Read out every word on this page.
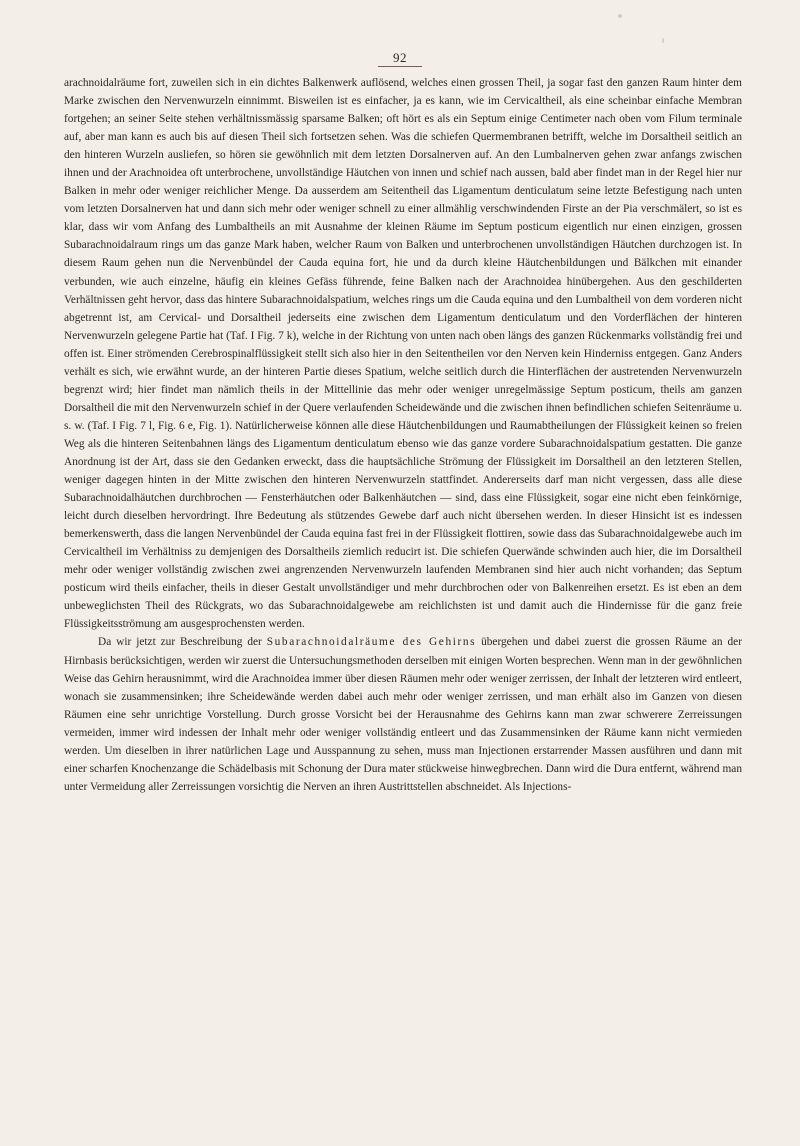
92

arachnoidalräume fort, zuweilen sich in ein dichtes Balkenwerk auflösend, welches einen grossen Theil, ja sogar fast den ganzen Raum hinter dem Marke zwischen den Nervenwurzeln einnimmt. Bisweilen ist es einfacher, ja es kann, wie im Cervicaltheil, als eine scheinbar einfache Membran fortgehen; an seiner Seite stehen verhältnissmässig sparsame Balken; oft hört es als ein Septum einige Centimeter nach oben vom Filum terminale auf, aber man kann es auch bis auf diesen Theil sich fortsetzen sehen. Was die schiefen Quermembranen betrifft, welche im Dorsaltheil seitlich an den hinteren Wurzeln ausliefen, so hören sie gewöhnlich mit dem letzten Dorsalnerven auf. An den Lumbalnerven gehen zwar anfangs zwischen ihnen und der Arachnoidea oft unterbrochene, unvollständige Häutchen von innen und schief nach aussen, bald aber findet man in der Regel hier nur Balken in mehr oder weniger reichlicher Menge. Da ausserdem am Seitentheil das Ligamentum denticulatum seine letzte Befestigung nach unten vom letzten Dorsalnerven hat und dann sich mehr oder weniger schnell zu einer allmählig verschwindenden Firste an der Pia verschmälert, so ist es klar, dass wir vom Anfang des Lumbaltheils an mit Ausnahme der kleinen Räume im Septum posticum eigentlich nur einen einzigen, grossen Subarachnoidalraum rings um das ganze Mark haben, welcher Raum von Balken und unterbrochenen unvollständigen Häutchen durchzogen ist. In diesem Raum gehen nun die Nervenbündel der Cauda equina fort, hie und da durch kleine Häutchenbildungen und Bälkchen mit einander verbunden, wie auch einzelne, häufig ein kleines Gefäss führende, feine Balken nach der Arachnoidea hinübergehen. Aus den geschilderten Verhältnissen geht hervor, dass das hintere Subarachnoidalspatium, welches rings um die Cauda equina und den Lumbaltheil von dem vorderen nicht abgetrennt ist, am Cervical- und Dorsaltheil jederseits eine zwischen dem Ligamentum denticulatum und den Vorderflächen der hinteren Nervenwurzeln gelegene Partie hat (Taf. I Fig. 7 k), welche in der Richtung von unten nach oben längs des ganzen Rückenmarks vollständig frei und offen ist. Einer strömenden Cerebrospinalflüssigkeit stellt sich also hier in den Seitentheilen vor den Nerven kein Hinderniss entgegen. Ganz Anders verhält es sich, wie erwähnt wurde, an der hinteren Partie dieses Spatium, welche seitlich durch die Hinterflächen der austretenden Nervenwurzeln begrenzt wird; hier findet man nämlich theils in der Mittellinie das mehr oder weniger unregelmässige Septum posticum, theils am ganzen Dorsaltheil die mit den Nervenwurzeln schief in der Quere verlaufenden Scheidewände und die zwischen ihnen befindlichen schiefen Seitenräume u. s. w. (Taf. I Fig. 7 l, Fig. 6 e, Fig. 1). Natürlicherweise können alle diese Häutchenbildungen und Raumabtheilungen der Flüssigkeit keinen so freien Weg als die hinteren Seitenbahnen längs des Ligamentum denticulatum ebenso wie das ganze vordere Subarachnoidalspatium gestatten. Die ganze Anordnung ist der Art, dass sie den Gedanken erweckt, dass die hauptsächliche Strömung der Flüssigkeit im Dorsaltheil an den letzteren Stellen, weniger dagegen hinten in der Mitte zwischen den hinteren Nervenwurzeln stattfindet. Andererseits darf man nicht vergessen, dass alle diese Subarachnoidalhäutchen durchbrochen — Fensterhäutchen oder Balkenhäutchen — sind, dass eine Flüssigkeit, sogar eine nicht eben feinkörnige, leicht durch dieselben hervordringt. Ihre Bedeutung als stützendes Gewebe darf auch nicht übersehen werden. In dieser Hinsicht ist es indessen bemerkenswerth, dass die langen Nervenbündel der Cauda equina fast frei in der Flüssigkeit flottiren, sowie dass das Subarachnoidalgewebe auch im Cervicaltheil im Verhältniss zu demjenigen des Dorsaltheils ziemlich reducirt ist. Die schiefen Querwände schwinden auch hier, die im Dorsaltheil mehr oder weniger vollständig zwischen zwei angrenzenden Nervenwurzeln laufenden Membranen sind hier auch nicht vorhanden; das Septum posticum wird theils einfacher, theils in dieser Gestalt unvollständiger und mehr durchbrochen oder von Balkenreihen ersetzt. Es ist eben an dem unbeweglichsten Theil des Rückgrats, wo das Subarachnoidalgewebe am reichlichsten ist und damit auch die Hindernisse für die ganz freie Flüssigkeitsströmung am ausgesprochensten werden.

Da wir jetzt zur Beschreibung der Subarachnoidalräume des Gehirns übergehen und dabei zuerst die grossen Räume an der Hirnbasis berücksichtigen, werden wir zuerst die Untersuchungsmethoden derselben mit einigen Worten besprechen. Wenn man in der gewöhnlichen Weise das Gehirn herausnimmt, wird die Arachnoidea immer über diesen Räumen mehr oder weniger zerrissen, der Inhalt der letzteren wird entleert, wonach sie zusammensinken; ihre Scheidewände werden dabei auch mehr oder weniger zerrissen, und man erhält also im Ganzen von diesen Räumen eine sehr unrichtige Vorstellung. Durch grosse Vorsicht bei der Herausnahme des Gehirns kann man zwar schwerere Zerreissungen vermeiden, immer wird indessen der Inhalt mehr oder weniger vollständig entleert und das Zusammensinken der Räume kann nicht vermieden werden. Um dieselben in ihrer natürlichen Lage und Ausspannung zu sehen, muss man Injectionen erstarrender Massen ausführen und dann mit einer scharfen Knochenzange die Schädelbasis mit Schonung der Dura mater stückweise hinwegbrechen. Dann wird die Dura entfernt, während man unter Vermeidung aller Zerreissungen vorsichtig die Nerven an ihren Austrittstellen abschneidet. Als Injections-
